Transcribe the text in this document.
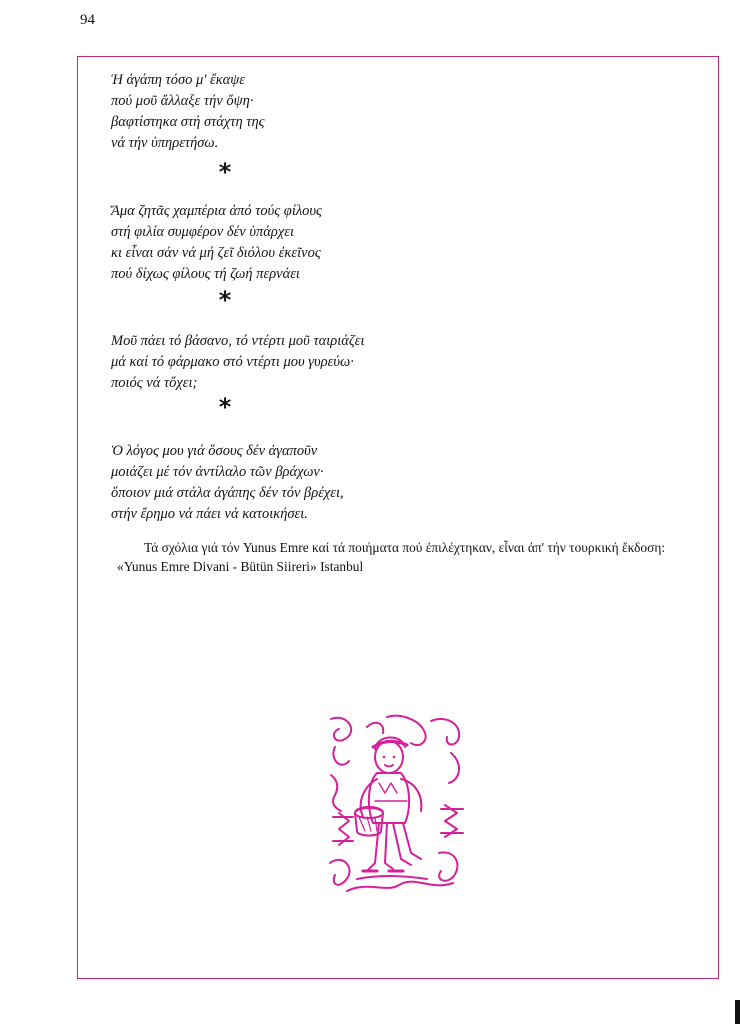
94
Ἡ ἀγάπη τόσο μ' ἔκαψε
πού μοῦ ἄλλαξε τήν ὄψη·
βαφτίστηκα στή στάχτη της
νά τήν ὑπηρετήσω.
*
Ἄμα ζητᾶς χαμπέρια ἀπό τούς φίλους
στή φιλία συμφέρον δέν ὑπάρχει
κι εἶναι σάν νά μή ζεῖ διόλου ἐκεῖνος
πού δίχως φίλους τή ζωή περνάει
*
Μοῦ πάει τό βάσανο, τό ντέρτι μοῦ ταιριάζει
μά καί τό φάρμακο στό ντέρτι μου γυρεύω·
ποιός νά τὄχει;
*
Ὁ λόγος μου γιά ὅσους δέν ἀγαποῦν
μοιάζει μέ τόν ἀντίλαλο τῶν βράχων·
ὅποιον μιά στάλα ἀγάπης δέν τόν βρέχει,
στήν ἔρημο νά πάει νά κατοικήσει.
Τά σχόλια γιά τόν Yunus Emre καί τά ποιήματα πού ἐπιλέχτηκαν, εἶναι ἀπ' τήν τουρκική ἔκδοση: «Yunus Emre Divani - Bütün Siireri» Istanbul
